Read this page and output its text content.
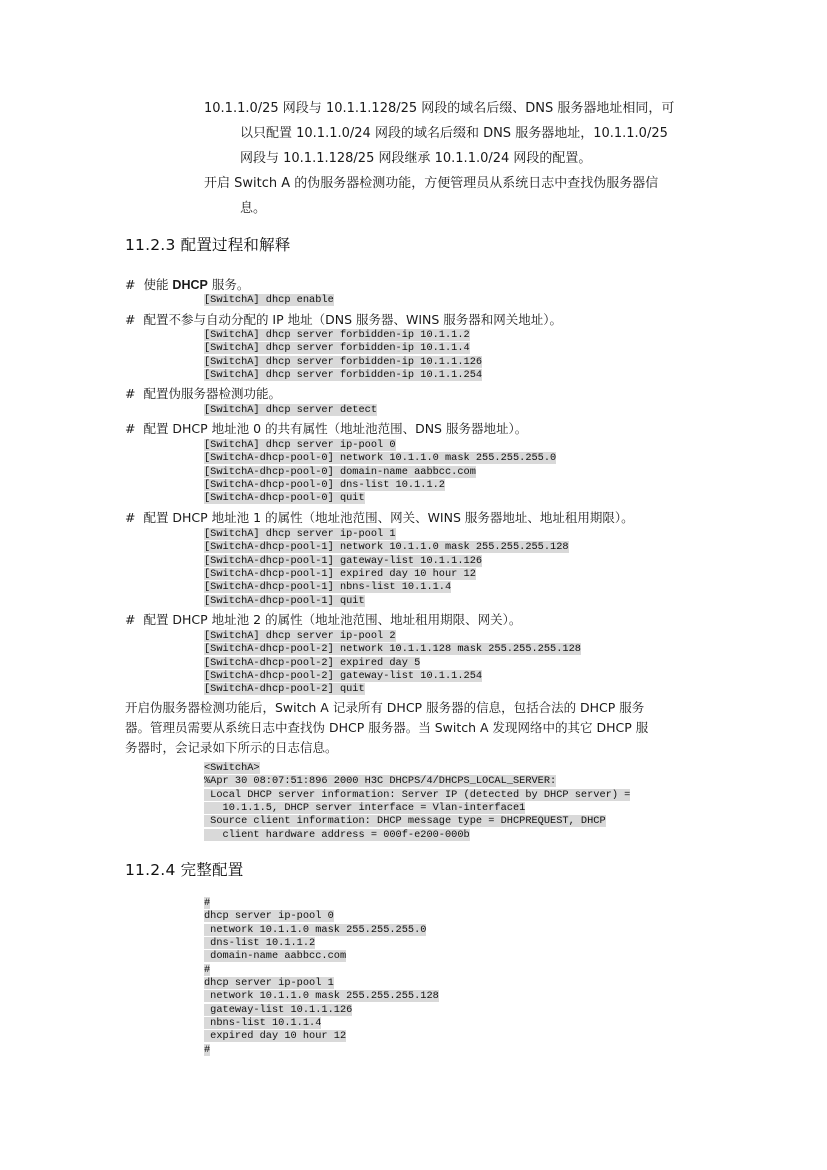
10.1.1.0/25 网段与 10.1.1.128/25 网段的域名后缀、DNS 服务器地址相同，可
以只配置 10.1.1.0/24 网段的域名后缀和 DNS 服务器地址，10.1.1.0/25
网段与 10.1.1.128/25 网段继承 10.1.1.0/24 网段的配置。
开启 Switch A 的伪服务器检测功能，方便管理员从系统日志中查找伪服务器信
息。
11.2.3 配置过程和解释
# 使能 DHCP 服务。
[SwitchA] dhcp enable
# 配置不参与自动分配的 IP 地址（DNS 服务器、WINS 服务器和网关地址）。
[SwitchA] dhcp server forbidden-ip 10.1.1.2
[SwitchA] dhcp server forbidden-ip 10.1.1.4
[SwitchA] dhcp server forbidden-ip 10.1.1.126
[SwitchA] dhcp server forbidden-ip 10.1.1.254
# 配置伪服务器检测功能。
[SwitchA] dhcp server detect
# 配置 DHCP 地址池 0 的共有属性（地址池范围、DNS 服务器地址）。
[SwitchA] dhcp server ip-pool 0
[SwitchA-dhcp-pool-0] network 10.1.1.0 mask 255.255.255.0
[SwitchA-dhcp-pool-0] domain-name aabbcc.com
[SwitchA-dhcp-pool-0] dns-list 10.1.1.2
[SwitchA-dhcp-pool-0] quit
# 配置 DHCP 地址池 1 的属性（地址池范围、网关、WINS 服务器地址、地址租用期限）。
[SwitchA] dhcp server ip-pool 1
[SwitchA-dhcp-pool-1] network 10.1.1.0 mask 255.255.255.128
[SwitchA-dhcp-pool-1] gateway-list 10.1.1.126
[SwitchA-dhcp-pool-1] expired day 10 hour 12
[SwitchA-dhcp-pool-1] nbns-list 10.1.1.4
[SwitchA-dhcp-pool-1] quit
# 配置 DHCP 地址池 2 的属性（地址池范围、地址租用期限、网关）。
[SwitchA] dhcp server ip-pool 2
[SwitchA-dhcp-pool-2] network 10.1.1.128 mask 255.255.255.128
[SwitchA-dhcp-pool-2] expired day 5
[SwitchA-dhcp-pool-2] gateway-list 10.1.1.254
[SwitchA-dhcp-pool-2] quit
开启伪服务器检测功能后，Switch A 记录所有 DHCP 服务器的信息，包括合法的 DHCP 服务
器。管理员需要从系统日志中查找伪 DHCP 服务器。当 Switch A 发现网络中的其它 DHCP 服
务器时，会记录如下所示的日志信息。
<SwitchA>
%Apr 30 08:07:51:896 2000 H3C DHCPS/4/DHCPS_LOCAL_SERVER:
Local DHCP server information: Server IP (detected by DHCP server) =
10.1.1.5, DHCP server interface = Vlan-interface1
Source client information: DHCP message type = DHCPREQUEST, DHCP
client hardware address = 000f-e200-000b
11.2.4 完整配置
#
dhcp server ip-pool 0
network 10.1.1.0 mask 255.255.255.0
dns-list 10.1.1.2
domain-name aabbcc.com
#
dhcp server ip-pool 1
network 10.1.1.0 mask 255.255.255.128
gateway-list 10.1.1.126
nbns-list 10.1.1.4
expired day 10 hour 12
#
